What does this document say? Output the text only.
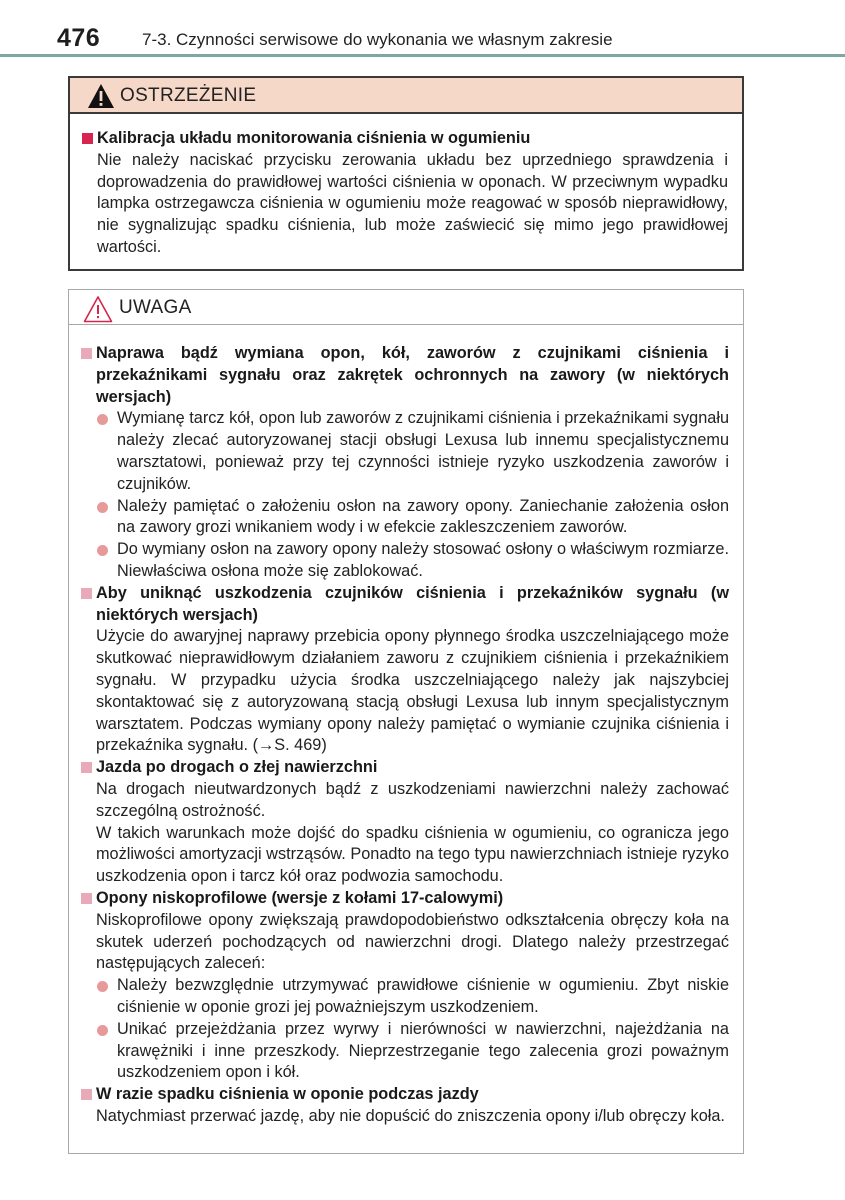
476 7-3. Czynności serwisowe do wykonania we własnym zakresie
OSTRZEŻENIE
Kalibracja układu monitorowania ciśnienia w ogumieniu
Nie należy naciskać przycisku zerowania układu bez uprzedniego sprawdzenia i doprowadzenia do prawidłowej wartości ciśnienia w oponach. W przeciwnym wypadku lampka ostrzegawcza ciśnienia w ogumieniu może reagować w sposób nieprawidłowy, nie sygnalizując spadku ciśnienia, lub może zaświecić się mimo jego prawidłowej wartości.
UWAGA
Naprawa bądź wymiana opon, kół, zaworów z czujnikami ciśnienia i przekaźnikami sygnału oraz zakrętek ochronnych na zawory (w niektórych wersjach)
Wymianę tarcz kół, opon lub zaworów z czujnikami ciśnienia i przekaźnikami sygnału należy zlecać autoryzowanej stacji obsługi Lexusa lub innemu specjalistycznemu warsztatowi, ponieważ przy tej czynności istnieje ryzyko uszkodzenia zaworów i czujników.
Należy pamiętać o założeniu osłon na zawory opony. Zaniechanie założenia osłon na zawory grozi wnikaniem wody i w efekcie zakleszczeniem zaworów.
Do wymiany osłon na zawory opony należy stosować osłony o właściwym rozmiarze. Niewłaściwa osłona może się zablokować.
Aby uniknąć uszkodzenia czujników ciśnienia i przekaźników sygnału (w niektórych wersjach)
Użycie do awaryjnej naprawy przebicia opony płynnego środka uszczelniającego może skutkować nieprawidłowym działaniem zaworu z czujnikiem ciśnienia i przekaźnikiem sygnału. W przypadku użycia środka uszczelniającego należy jak najszybciej skontaktować się z autoryzowaną stacją obsługi Lexusa lub innym specjalistycznym warsztatem. Podczas wymiany opony należy pamiętać o wymianie czujnika ciśnienia i przekaźnika sygnału. (→S. 469)
Jazda po drogach o złej nawierzchni
Na drogach nieutwardzonych bądź z uszkodzeniami nawierzchni należy zachować szczególną ostrożność.
W takich warunkach może dojść do spadku ciśnienia w ogumieniu, co ogranicza jego możliwości amortyzacji wstrząsów. Ponadto na tego typu nawierzchniach istnieje ryzyko uszkodzenia opon i tarcz kół oraz podwozia samochodu.
Opony niskoprofilowe (wersje z kołami 17-calowymi)
Niskoprofilowe opony zwiększają prawdopodobieństwo odkształcenia obręczy koła na skutek uderzeń pochodzących od nawierzchni drogi. Dlatego należy przestrzegać następujących zaleceń:
Należy bezwzględnie utrzymywać prawidłowe ciśnienie w ogumieniu. Zbyt niskie ciśnienie w oponie grozi jej poważniejszym uszkodzeniem.
Unikać przejeżdżania przez wyrwy i nierówności w nawierzchni, najeżdżania na krawężniki i inne przeszkody. Nieprzestrzeganie tego zalecenia grozi poważnym uszkodzeniem opon i kół.
W razie spadku ciśnienia w oponie podczas jazdy
Natychmiast przerwać jazdę, aby nie dopuścić do zniszczenia opony i/lub obręczy koła.
